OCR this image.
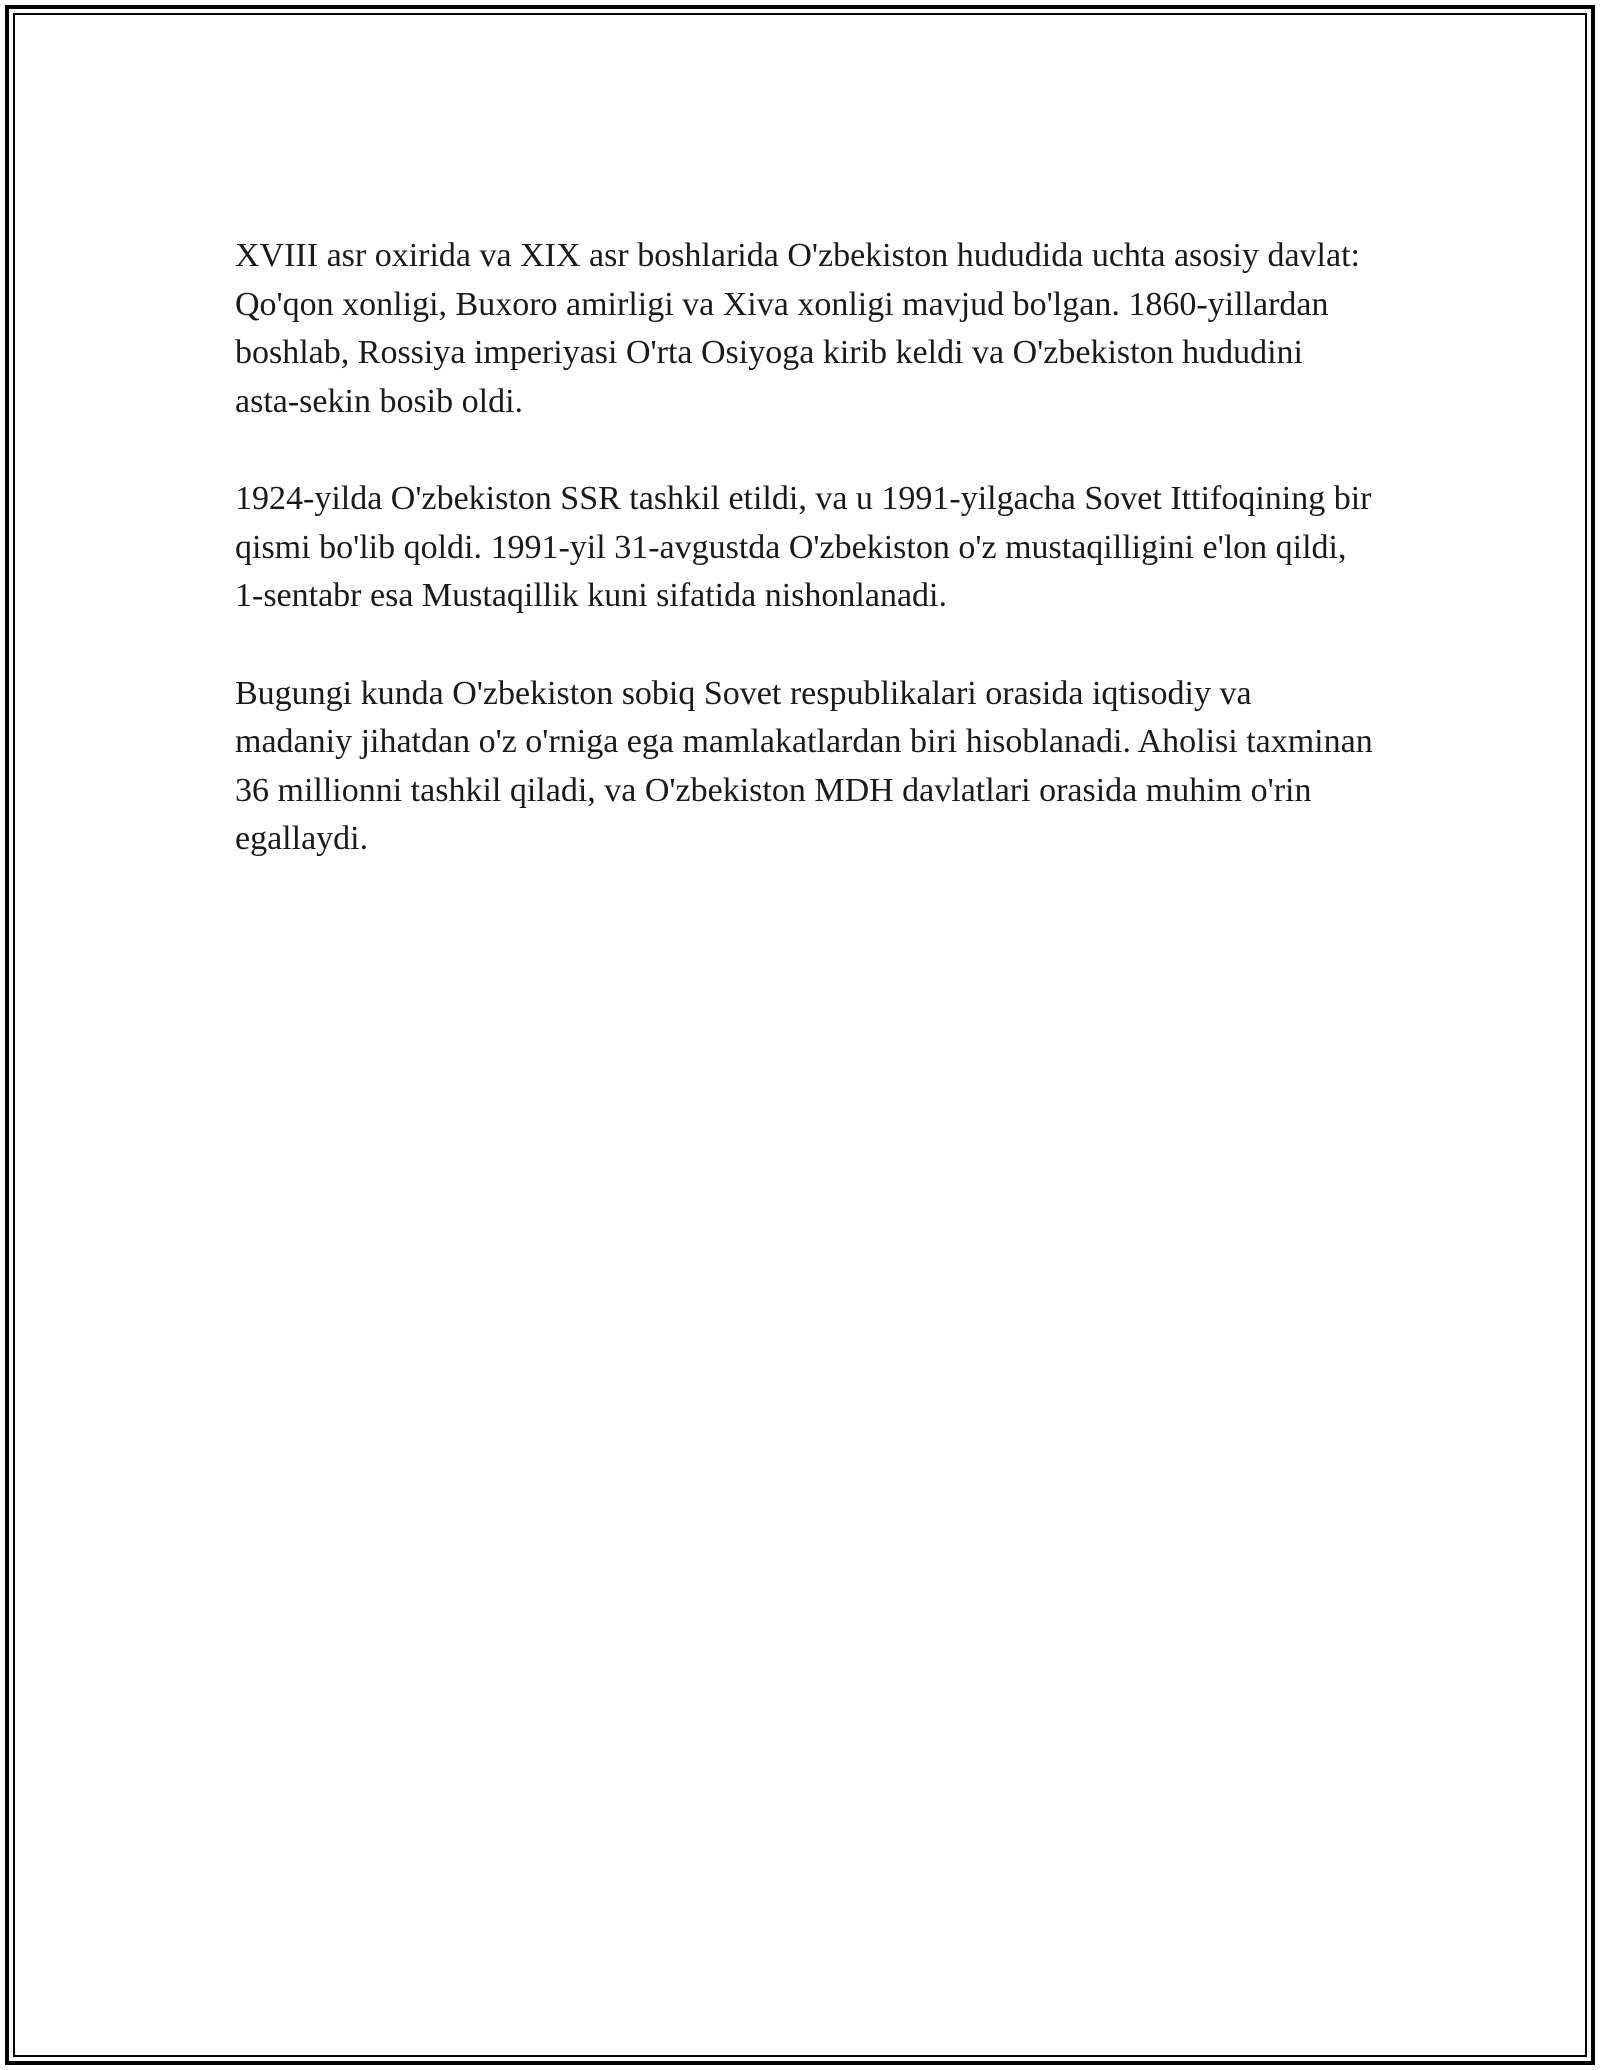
XVIII asr oxirida va XIX asr boshlarida O'zbekiston hududida uchta asosiy davlat: Qo'qon xonligi, Buxoro amirligi va Xiva xonligi mavjud bo'lgan. 1860-yillardan boshlab, Rossiya imperiyasi O'rta Osiyoga kirib keldi va O'zbekiston hududini asta-sekin bosib oldi.

1924-yilda O'zbekiston SSR tashkil etildi, va u 1991-yilgacha Sovet Ittifoqining bir qismi bo'lib qoldi. 1991-yil 31-avgustda O'zbekiston o'z mustaqilligini e'lon qildi, 1-sentabr esa Mustaqillik kuni sifatida nishonlanadi.

Bugungi kunda O'zbekiston sobiq Sovet respublikalari orasida iqtisodiy va madaniy jihatdan o'z o'rniga ega mamlakatlardan biri hisoblanadi. Aholisi taxminan 36 millionni tashkil qiladi, va O'zbekiston MDH davlatlari orasida muhim o'rin egallaydi.
